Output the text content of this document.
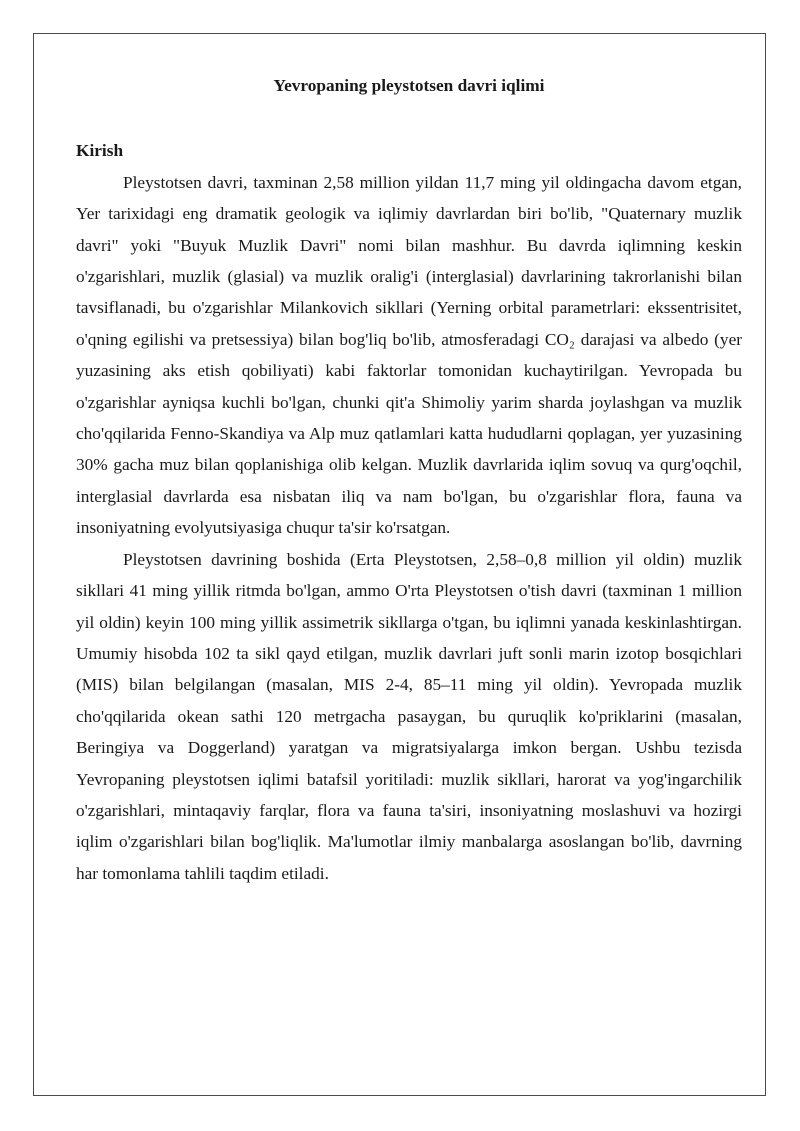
Yevropaning pleystotsen davri iqlimi
Kirish

Pleystotsen davri, taxminan 2,58 million yildan 11,7 ming yil oldingacha davom etgan, Yer tarixidagi eng dramatik geologik va iqlimiy davrlardan biri bo'lib, "Quaternary muzlik davri" yoki "Buyuk Muzlik Davri" nomi bilan mashhur. Bu davrda iqlimning keskin o'zgarishlari, muzlik (glasial) va muzlik oralig'i (interglasial) davrlarining takrorlanishi bilan tavsiflanadi, bu o'zgarishlar Milankovich sikllari (Yerning orbital parametrlari: ekssentrisitet, o'qning egilishi va pretsessiya) bilan bog'liq bo'lib, atmosferadagi CO₂ darajasi va albedo (yer yuzasining aks etish qobiliyati) kabi faktorlar tomonidan kuchaytirilgan. Yevropada bu o'zgarishlar ayniqsa kuchli bo'lgan, chunki qit'a Shimoliy yarim sharda joylashgan va muzlik cho'qqilarida Fenno-Skandiya va Alp muz qatlamlari katta hududlarni qoplagan, yer yuzasining 30% gacha muz bilan qoplanishiga olib kelgan. Muzlik davrlarida iqlim sovuq va qurg'oqchil, interglasial davrlarda esa nisbatan iliq va nam bo'lgan, bu o'zgarishlar flora, fauna va insoniyatning evolyutsiyasiga chuqur ta'sir ko'rsatgan.

Pleystotsen davrining boshida (Erta Pleystotsen, 2,58–0,8 million yil oldin) muzlik sikllari 41 ming yillik ritmda bo'lgan, ammo O'rta Pleystotsen o'tish davri (taxminan 1 million yil oldin) keyin 100 ming yillik assimetrik sikllarga o'tgan, bu iqlimni yanada keskinlashtirgan. Umumiy hisobda 102 ta sikl qayd etilgan, muzlik davrlari juft sonli marin izotop bosqichlari (MIS) bilan belgilangan (masalan, MIS 2-4, 85–11 ming yil oldin). Yevropada muzlik cho'qqilarida okean sathi 120 metrgacha pasaygan, bu quruqlik ko'priklarini (masalan, Beringiya va Doggerland) yaratgan va migratsiyalarga imkon bergan. Ushbu tezisda Yevropaning pleystotsen iqlimi batafsil yoritiladi: muzlik sikllari, harorat va yog'ingarchilik o'zgarishlari, mintaqaviy farqlar, flora va fauna ta'siri, insoniyatning moslashuvi va hozirgi iqlim o'zgarishlari bilan bog'liqlik. Ma'lumotlar ilmiy manbalarga asoslangan bo'lib, davrning har tomonlama tahlili taqdim etiladi.
